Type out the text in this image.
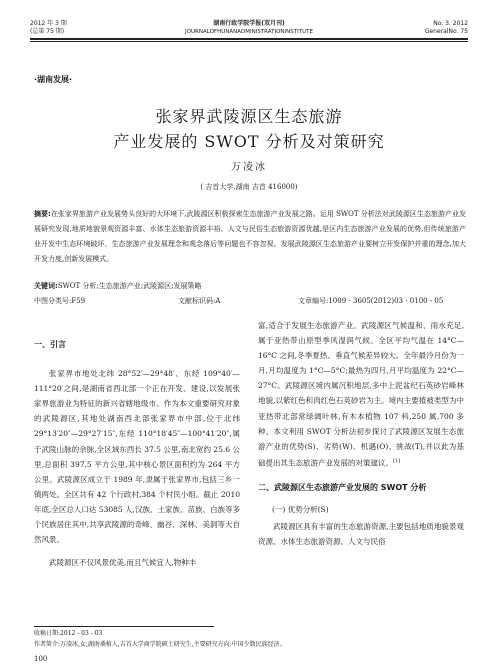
2012 年 3 期
(总第 75 期)
湖南行政学院学报(双月刊)
JOURNALOFHUNANADMINISTRATIONINSTITUTE
No. 3. 2012
GeneralNo. 75
·湖南发展·
张家界武陵源区生态旅游
产业发展的 SWOT 分析及对策研究
万凌冰
( 吉首大学,湖南 吉首 416000)
摘要:在张家界旅游产业发展势头良好的大环境下,武陵源区积极探索生态旅游产业发展之路。运用 SWOT 分析法对武陵源区生态旅游产业发展研究发现,地质地貌景观资源丰富、水体生态旅游资源丰裕、人文与民俗生态旅游资源优越,是区内生态旅游产业发展的优势,但传统旅游产业开发中生态环境破坏、生态旅游产业发展理念和观念落后等问题也不容忽视。发展武陵源区生态旅游产业要树立开发保护并重的理念,加大开发力度,创新发展模式。
关键词:SWOT 分析;生态旅游产业;武陵源区;发展策略
中图分类号:F59	文献标识码:A	文章编号:1009 - 3605(2012)03 - 0100 - 05
一、引言

张家界市地处北纬 28°52′—29°48′、东经 109°40′—111°20′之间,是湖南省西北部一个正在开发、建设,以发展张家界旅游业为特征的新兴省辖地级市。作为本文重要研究对象的武陵源区,其地处湖南西北部张家界市中部,位于北纬 29°13′20″—29°27′15″,东经 110°18′45″—100°41′20″,属于武陵山脉的余脉,全区域东西长 37.5 公里,南北宽约 25.6 公里,总面积 397.5 平方公里,其中核心景区面积约为 264 平方公里。武陵源区成立于 1989 年,隶属于张家界市,包括三乡一镇两处。全区共有 42 个行政村,384 个村民小组。截止 2010 年底,全区总人口达 53085 人,汉族、土家族、苗族、白族等多个民族居住其中,共享武陵源的奇峰、幽谷、深林、美洞等大自然风景。

武陵源区不仅风景优美,而且气候宜人,物种丰

富,适合于发展生态旅游产业。武陵源区气候温和、雨水充足,属于亚热带山原型季风湿润气候。全区平均气温在 14°C—16°C 之间,冬季夏热、垂直气候差异较大。全年最冷月份为一月,月均温度为 1°C—5°C;最热为四月,月平均温度为 22°C—27°C。武陵源区境内属沉积地层,多中上泥盆纪石英砂岩峰林地貌,以紫红色和肉红色石英砂岩为主。境内主要植被类型为中亚热带北部常绿阔叶林,有木本植物 107 科,250 属,700 多种。本文利用 SWOT 分析法初步探讨了武陵源区发展生态旅游产业的优势(S)、劣势(W)、机遇(O)、挑战(T),并以此为基础提出其生态旅游产业发展的对策建议。[1]

二、武陵源区生态旅游产业发展的 SWOT 分析
(一) 优势分析(S)

武陵源区具有丰富的生态旅游资源,主要包括地质地貌景观资源、水体生态旅游资源、人文与民俗

收稿日期:2012 - 03 - 03
作者简介:万凌冰,女,湖南桑植人,吉首大学商学院硕士研究生,主要研究方向:中国少数民族经济。
100
